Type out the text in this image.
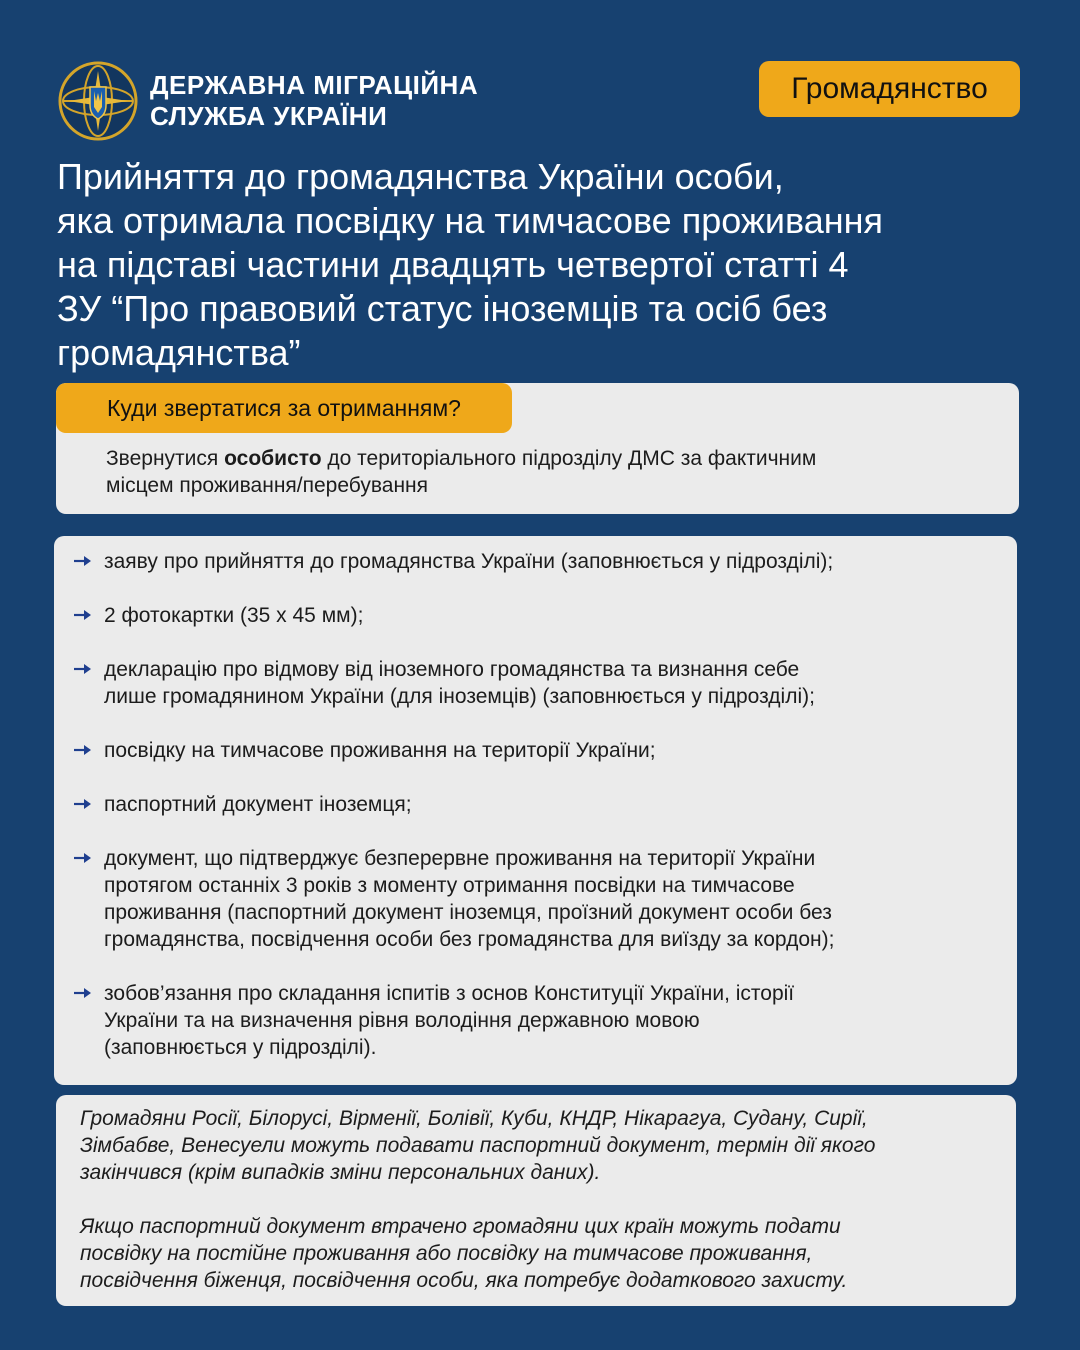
ДЕРЖАВНА МІГРАЦІЙНА
СЛУЖБА УКРАЇНИ
Громадянство
Прийняття до громадянства України особи,
яка отримала посвідку на тимчасове проживання
на підставі частини двадцять четвертої статті 4
ЗУ “Про правовий статус іноземців та осіб без
громадянства”
Куди звертатися за отриманням?
Звернутися особисто до територіального підрозділу ДМС за фактичним
місцем проживання/перебування
заяву про прийняття до громадянства України (заповнюється у підрозділі);
2 фотокартки (35 х 45 мм);
декларацію про відмову від іноземного громадянства та визнання себе
лише громадянином України (для іноземців) (заповнюється у підрозділі);
посвідку на тимчасове проживання на території України;
паспортний документ іноземця;
документ, що підтверджує безперервне проживання на території України
протягом останніх 3 років з моменту отримання посвідки на тимчасове
проживання (паспортний документ іноземця, проїзний документ особи без
громадянства, посвідчення особи без громадянства для виїзду за кордон);
зобов’язання про складання іспитів з основ Конституції України, історії
України та на визначення рівня володіння державною мовою
(заповнюється у підрозділі).
Громадяни Росії, Білорусі, Вірменії, Болівії, Куби, КНДР, Нікарагуа, Судану, Сирії,
Зімбабве, Венесуели можуть подавати паспортний документ, термін дії якого
закінчився (крім випадків зміни персональних даних).
Якщо паспортний документ втрачено громадяни цих країн можуть подати
посвідку на постійне проживання або посвідку на тимчасове проживання,
посвідчення біженця, посвідчення особи, яка потребує додаткового захисту.
